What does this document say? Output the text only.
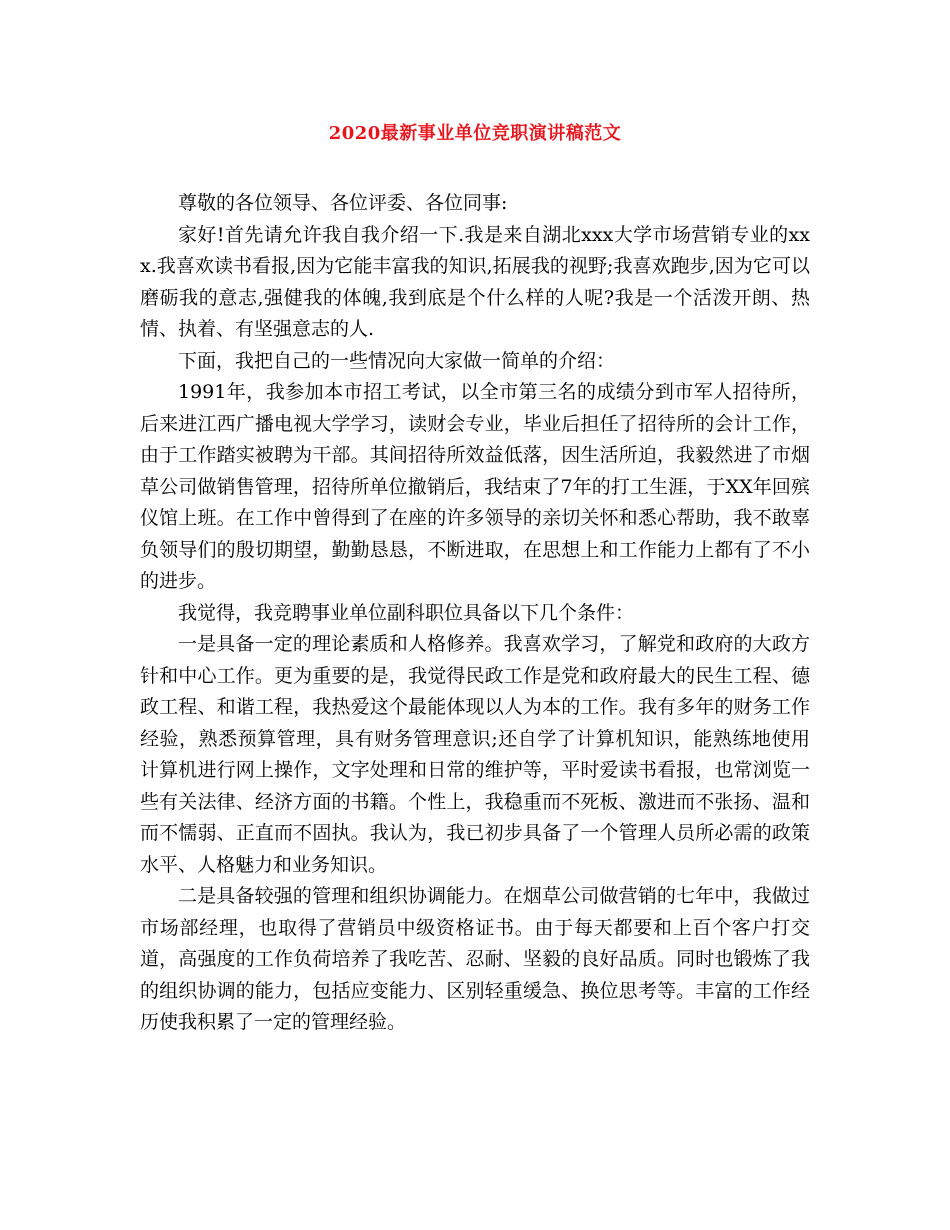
2020最新事业单位竞职演讲稿范文

尊敬的各位领导、各位评委、各位同事:

家好!首先请允许我自我介绍一下.我是来自湖北xxx大学市场营销专业的xxx.我喜欢读书看报,因为它能丰富我的知识,拓展我的视野;我喜欢跑步,因为它可以磨砺我的意志,强健我的体魄,我到底是个什么样的人呢?我是一个活泼开朗、热情、执着、有坚强意志的人.

下面，我把自己的一些情况向大家做一简单的介绍：

1991年，我参加本市招工考试，以全市第三名的成绩分到市军人招待所，后来进江西广播电视大学学习，读财会专业，毕业后担任了招待所的会计工作，由于工作踏实被聘为干部。其间招待所效益低落，因生活所迫，我毅然进了市烟草公司做销售管理，招待所单位撤销后，我结束了7年的打工生涯，于XX年回殡仪馆上班。在工作中曾得到了在座的许多领导的亲切关怀和悉心帮助，我不敢辜负领导们的殷切期望，勤勤恳恳，不断进取，在思想上和工作能力上都有了不小的进步。

我觉得，我竞聘事业单位副科职位具备以下几个条件：

一是具备一定的理论素质和人格修养。我喜欢学习，了解党和政府的大政方针和中心工作。更为重要的是，我觉得民政工作是党和政府最大的民生工程、德政工程、和谐工程，我热爱这个最能体现以人为本的工作。我有多年的财务工作经验，熟悉预算管理，具有财务管理意识;还自学了计算机知识，能熟练地使用计算机进行网上操作，文字处理和日常的维护等，平时爱读书看报，也常浏览一些有关法律、经济方面的书籍。个性上，我稳重而不死板、激进而不张扬、温和而不懦弱、正直而不固执。我认为，我已初步具备了一个管理人员所必需的政策水平、人格魅力和业务知识。

二是具备较强的管理和组织协调能力。在烟草公司做营销的七年中，我做过市场部经理，也取得了营销员中级资格证书。由于每天都要和上百个客户打交道，高强度的工作负荷培养了我吃苦、忍耐、坚毅的良好品质。同时也锻炼了我的组织协调的能力，包括应变能力、区别轻重缓急、换位思考等。丰富的工作经历使我积累了一定的管理经验。
